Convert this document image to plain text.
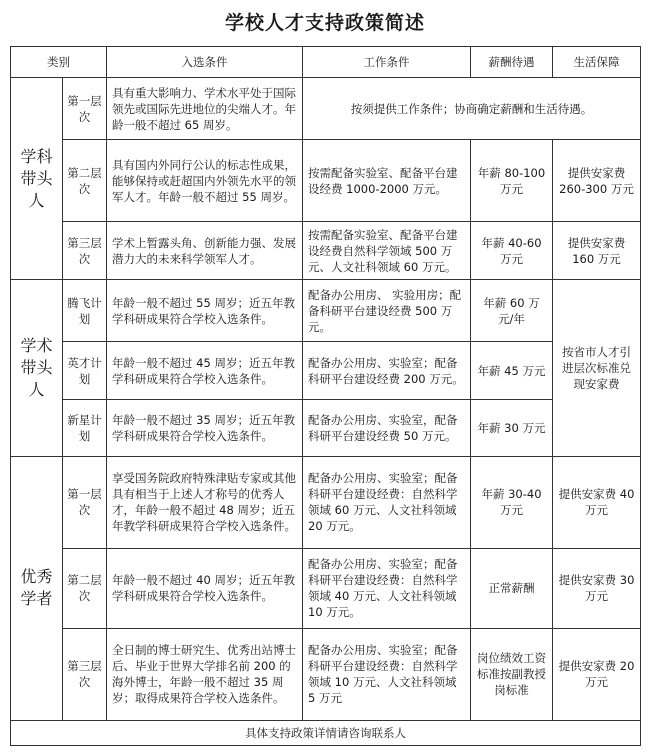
学校人才支持政策简述
类别		入选条件	工作条件	薪酬待遇	生活保障
学科带头人	第一层次	具有重大影响力、学术水平处于国际领先或国际先进地位的尖端人才。年龄一般不超过 65 周岁。	按须提供工作条件；协商确定薪酬和生活待遇。		
	第二层次	具有国内外同行公认的标志性成果，能够保持或赶超国内外领先水平的领军人才。年龄一般不超过 55 周岁。	按需配备实验室、配备平台建设经费 1000-2000 万元。	年薪 80-100 万元	提供安家费 260-300 万元
	第三层次	学术上暂露头角、创新能力强、发展潜力大的未来科学领军人才。	按需配备实验室、配备平台建设经费自然科学领域 500 万元、人文社科领域 60 万元。	年薪 40-60 万元	提供安家费 160 万元
学术带头人	腾飞计划	年龄一般不超过 55 周岁；近五年教学科研成果符合学校入选条件。	配备办公用房、 实验用房；配备科研平台建设经费 500 万元。	年薪 60 万元/年	按省市人才引进层次标准兑现安家费
	英才计划	年龄一般不超过 45 周岁；近五年教学科研成果符合学校入选条件。	配备办公用房、实验室；配备科研平台建设经费 200 万元。	年薪 45 万元	
	新星计划	年龄一般不超过 35 周岁；近五年教学科研成果符合学校入选条件。	配备办公用房、实验室，配备科研平台建设经费 50 万元。	年薪 30 万元	
优秀学者	第一层次	享受国务院政府特殊津贴专家或其他具有相当于上述人才称号的优秀人才，年龄一般不超过 48 周岁；近五年教学科研成果符合学校入选条件。	配备办公用房、实验室；配备科研平台建设经费：自然科学领域 60 万元、人文社科领域 20 万元。	年薪 30-40 万元	提供安家费 40 万元
	第二层次	年龄一般不超过 40 周岁；近五年教学科研成果符合学校入选条件。	配备办公用房、实验室；配备科研平台建设经费：自然科学领域 40 万元、人文社科领域 10 万元。	正常薪酬	提供安家费 30 万元
	第三层次	全日制的博士研究生、优秀出站博士后、毕业于世界大学排名前 200 的海外博士，年龄一般不超过 35 周岁；取得成果符合学校入选条件。	配备办公用房、实验室；配备科研平台建设经费：自然科学领域 10 万元、人文社科领域 5 万元	岗位绩效工资标准按副教授岗标准	提供安家费 20 万元
具体支持政策详情请咨询联系人					
